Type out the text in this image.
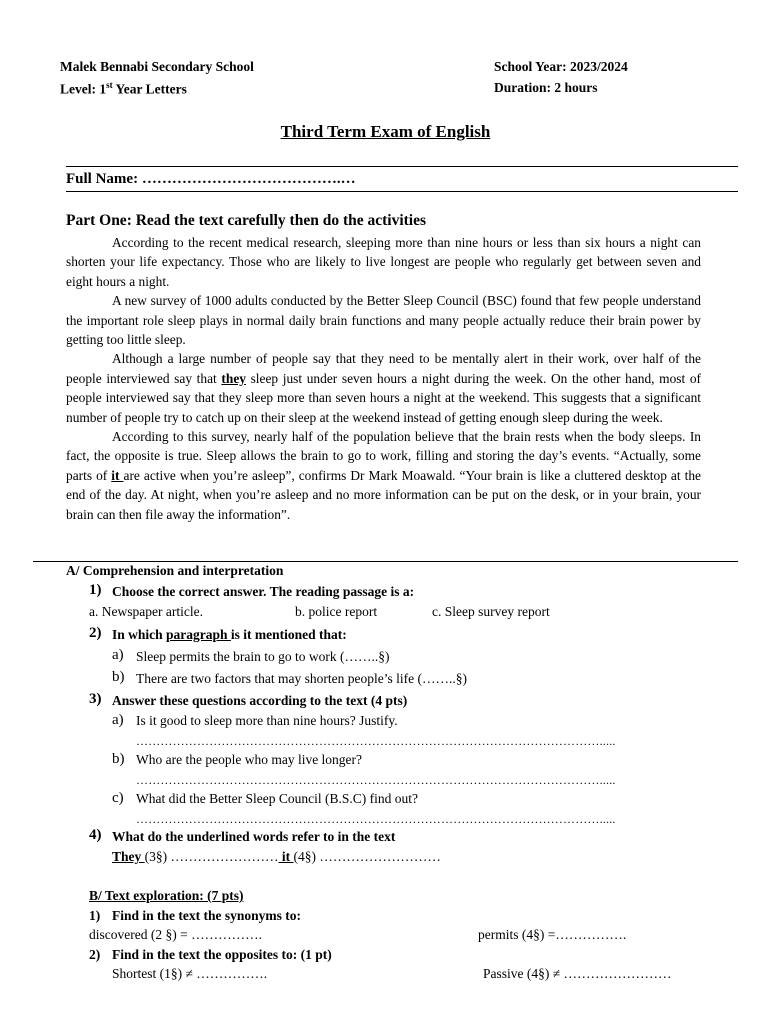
Malek Bennabi Secondary School
Level: 1st Year Letters
School Year: 2023/2024
Duration: 2 hours
Third Term Exam of English
Full Name: ………………………………….…
Part One: Read the text carefully then do the activities

According to the recent medical research, sleeping more than nine hours or less than six hours a night can shorten your life expectancy. Those who are likely to live longest are people who regularly get between seven and eight hours a night.

A new survey of 1000 adults conducted by the Better Sleep Council (BSC) found that few people understand the important role sleep plays in normal daily brain functions and many people actually reduce their brain power by getting too little sleep.

Although a large number of people say that they need to be mentally alert in their work, over half of the people interviewed say that they sleep just under seven hours a night during the week. On the other hand, most of people interviewed say that they sleep more than seven hours a night at the weekend. This suggests that a significant number of people try to catch up on their sleep at the weekend instead of getting enough sleep during the week.

According to this survey, nearly half of the population believe that the brain rests when the body sleeps. In fact, the opposite is true. Sleep allows the brain to go to work, filling and storing the day’s events. “Actually, some parts of it are active when you’re asleep”, confirms Dr Mark Moawald. “Your brain is like a cluttered desktop at the end of the day. At night, when you’re asleep and no more information can be put on the desk, or in your brain, your brain can then file away the information”.

A/ Comprehension and interpretation
1) Choose the correct answer. The reading passage is a:
a. Newspaper article.	b. police report	c. Sleep survey report
2) In which paragraph is it mentioned that:
a) Sleep permits the brain to go to work (……..§)
b) There are two factors that may shorten people’s life (……..§)
3) Answer these questions according to the text (4 pts)
a) Is it good to sleep more than nine hours? Justify.
…………………………………………………………………………………………………….....
b) Who are the people who may live longer?
…………………………………………………………………………………………………….....
c) What did the Better Sleep Council (B.S.C) find out?
…………………………………………………………………………………………………….....
4) What do the underlined words refer to in the text
They (3§) …………………… it (4§) ………………………
B/ Text exploration: (7 pts)
1) Find in the text the synonyms to:
discovered (2 §) = …………….	permits (4§) =…………….
2) Find in the text the opposites to: (1 pt)
Shortest (1§) ≠ …………….	Passive (4§) ≠ ……………………
